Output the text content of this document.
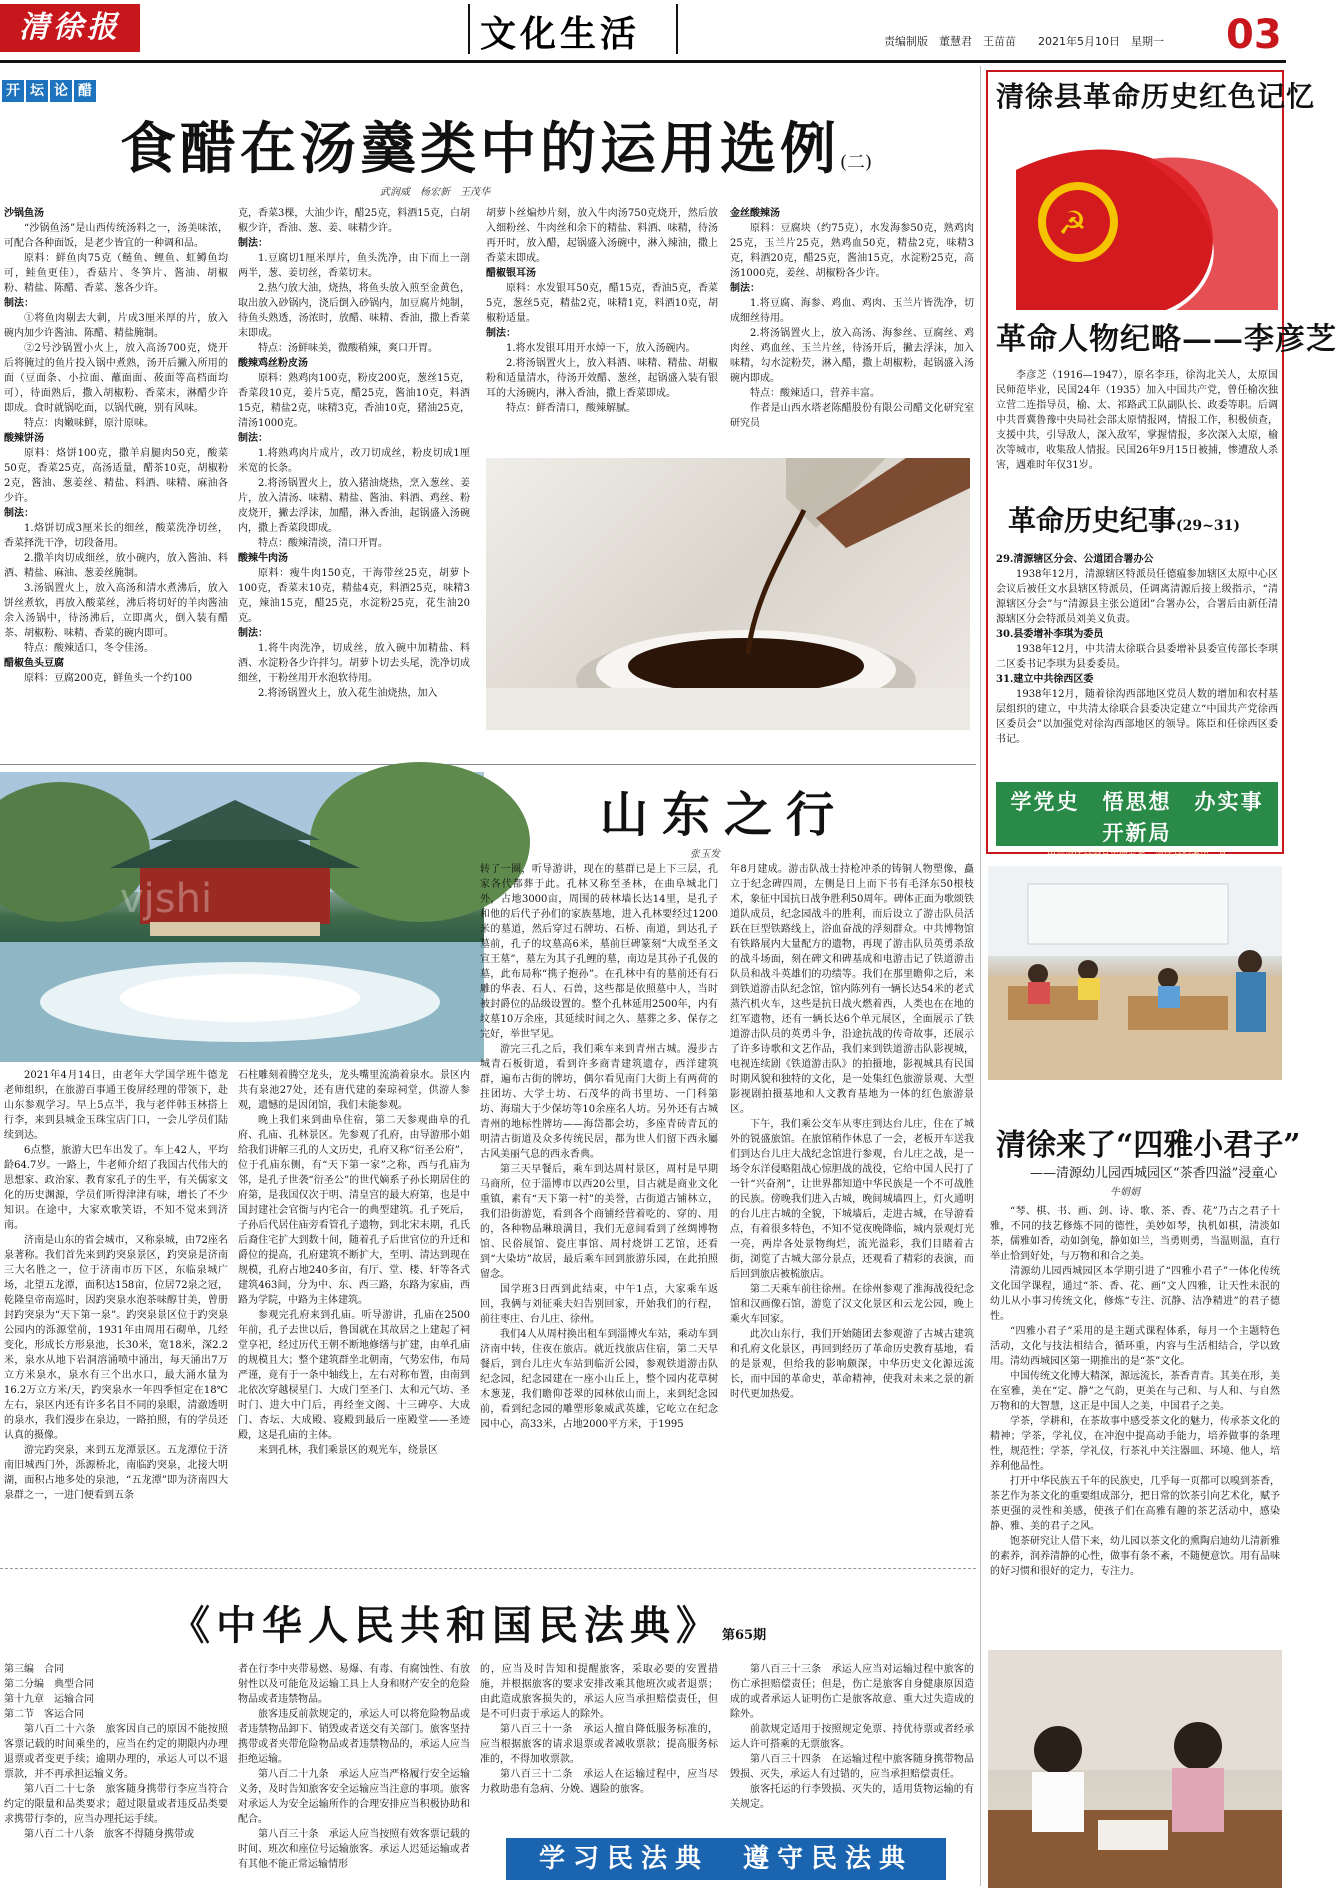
清徐报	文化生活	责编制版　董慧君　王苗苗　　 2021年5月10日　星期一 03
开 坛 论 醋
食醋在汤羹类中的运用选例(二)
武润威　杨宏新　王茂华

沙锅鱼汤

“沙锅鱼汤”是山西传统汤料之一，汤美味浓，可配合各种面饭，是老少皆宜的一种调和品。

原料：鲜鱼肉75克（鲢鱼、鲤鱼、虹鳟鱼均可，鲑鱼更佳），香菇片、冬笋片、酱油、胡椒粉、精盐、陈醋、香菜、葱各少许。

制法：

①将鱼肉剔去大刺，片成3厘米厚的片，放入碗内加少许酱油、陈醋、精盐腌制。

②2号沙锅置小火上，放入高汤700克，烧开后将腌过的鱼片投入锅中煮熟，汤开后撇入所用的面（豆面条、小拉面、蘸面面、莜面等高档面均可），待面熟后，撒入胡椒粉、香菜末，淋醋少许即成。食时就锅吃面，以锅代碗，别有风味。

特点：肉嫩味鲜，原汁原味。

酸辣饼汤

原料：烙饼100克，撒羊肩腿肉50克，酸菜50克，香菜25克，高汤适量，醋茶10克，胡椒粉2克，酱油、葱姜丝、精盐、料酒、味精、麻油各少许。

制法：

1.烙饼切成3厘米长的细丝，酸菜洗净切丝，香菜择洗干净，切段备用。

2.撒羊肉切成细丝，放小碗内，放入酱油、料酒、精盐、麻油、葱姜丝腌制。

3.汤锅置火上，放入高汤和清水煮沸后，放入饼丝煮软，再放入酸菜丝，沸后将切好的羊肉酱油余入汤锅中，待汤沸后，立即离火，倒入装有醋茶、胡椒粉、味精、香菜的碗内即可。

特点：酸辣适口，冬令佳汤。

醋椒鱼头豆腐

原料：豆腐200克，鲜鱼头一个约100

克，香菜3棵，大油少许，醋25克，料酒15克，白胡椒少许，香油、葱、姜、味精少许。

制法：

1.豆腐切1厘米厚片，鱼头洗净，由下而上一剖两半，葱、姜切丝，香菜切末。

2.热勺放大油，烧热，将鱼头放入煎至金黄色，取出放入砂锅内，浇后倒入砂锅内，加豆腐片炖制，待鱼头熟透，汤浓时，放醋、味精、香油，撒上香菜末即成。

特点：汤鲜味美，微酸稍辣，爽口开胃。

酸辣鸡丝粉皮汤

原料：熟鸡肉100克，粉皮200克，葱丝15克，香菜段10克，姜片5克，醋25克，酱油10克，料酒15克，精盐2克，味精3克，香油10克，猪油25克，清汤1000克。

制法：

1.将熟鸡肉片成片，改刀切成丝，粉皮切成1厘米宽的长条。

2.将汤锅置火上，放入猪油烧热，烹入葱丝、姜片，放入清汤、味精、精盐、酱油、料酒、鸡丝、粉皮烧开，撇去浮沫，加醋，淋入香油，起锅盛入汤碗内，撒上香菜段即成。

特点：酸辣清淡，清口开胃。

酸辣牛肉汤

原料：瘦牛肉150克，干海带丝25克，胡萝卜100克，香菜末10克，精盐4克，料酒25克，味精3克，辣油15克，醋25克，水淀粉25克，花生油20克。

制法：

1.将牛肉洗净，切成丝，放入碗中加精盐、料酒、水淀粉各少许拌匀。胡萝卜切去头尾，洗净切成细丝，干粉丝用开水泡软待用。

2.将汤锅置火上，放入花生油烧热，加入

胡萝卜丝煸炒片刻，放入牛肉汤750克烧开，然后放入细粉丝、牛肉丝和余下的精盐、料酒、味精，待汤再开时，放入醋，起锅盛入汤碗中，淋入辣油，撒上香菜末即成。

醋椒银耳汤

原料：水发银耳50克，醋15克，香油5克，香菜5克，葱丝5克，精盐2克，味精1克，料酒10克，胡椒粉适量。

制法：

1.将水发银耳用开水焯一下，放入汤碗内。

2.将汤锅置火上，放入料酒、味精、精盐、胡椒粉和适量清水，待汤开效醋、葱丝，起锅盛入装有银耳的大汤碗内，淋入香油，撒上香菜即成。

特点：鲜香清口，酸辣解腻。

金丝酸辣汤

原料：豆腐块（约75克），水发海参50克，熟鸡肉25克，玉兰片25克，熟鸡血50克，精盐2克，味精3克，料酒20克，醋25克，酱油15克，水淀粉25克，高汤1000克，姜丝、胡椒粉各少许。

制法：

1.将豆腐、海参、鸡血、鸡肉、玉兰片皆洗净，切成细丝待用。

2.将汤锅置火上，放入高汤、海参丝、豆腐丝、鸡肉丝、鸡血丝、玉兰片丝，待汤开后，撇去浮沫，加入味精，勾水淀粉芡，淋入醋，撒上胡椒粉，起锅盛入汤碗内即成。

特点：酸辣适口，营养丰富。

作者是山西水塔老陈醋股份有限公司醋文化研究室研究员

vjshi
山东之行
张玉发

2021年4月14日，由老年大学国学班牛德龙老师组织，在旅游百事通王俊屏经理的带领下，赴山东参观学习。早上5点半，我与老伴韩玉林搭上行李，来到县城金玉珠宝店门口，一会儿学员们陆续到达。

6点整，旅游大巴车出发了。车上42人，平均龄64.7岁。一路上，牛老师介绍了我国古代伟大的思想家、政治家、教育家孔子的生平，有关儒家文化的历史渊源，学员们听得津津有味，增长了不少知识。在途中，大家欢歌笑语，不知不觉来到济南。

济南是山东的省会城市，又称泉城，由72座名泉著称。我们首先来到趵突泉景区，趵突泉是济南三大名胜之一，位于济南市历下区，东临泉城广场，北望五龙潭，面积达158亩，位居72泉之冠，乾隆皇帝南巡时，因趵突泉水泡茶味醇甘美，曾册封趵突泉为“天下第一泉”。趵突泉景区位于趵突泉公园内的泺源堂前，1931年由周用石砌单，几经变化，形成长方形泉池，长30米，宽18米，深2.2米，泉水从地下岩洞溶涌喷中涌出，每天涌出7万立方米泉水，泉水有三个出水口，最大涌水量为16.2万立方米/天，趵突泉水一年四季恒定在18℃左右，泉区内还有许多名目不同的泉眼，清澈透明的泉水，我们漫步在泉边，一路拍照，有的学员还认真的摄像。

游完趵突泉，来到五龙潭景区。五龙潭位于济南旧城西门外，泺源桥北，南临趵突泉，北接大明湖，面积占地多处的泉池，“五龙潭”即为济南四大泉群之一，一进门便看到五条

石柱雕刻着腾空龙头，龙头嘴里流淌着泉水。景区内共有泉池27处，还有唐代建的秦琼祠堂，供游人参观，遗憾的是因闭馆，我们未能参观。

晚上我们来到曲阜住宿，第二天参观曲阜的孔府、孔庙、孔林景区。先参观了孔府，由导游邢小姐给我们讲解三孔的人文历史，孔府又称“衍圣公府”，位于孔庙东侧，有“天下第一家”之称，西与孔庙为邻，是孔子世袭“衍圣公”的世代嫡系子孙长期居住的府第，是我国仅次于明、清皇宫的最大府第，也是中国封建社会官衙与内宅合一的典型建筑。孔子死后，子孙后代居住庙旁看管孔子遗物，到北宋末期，孔氏后裔住宅扩大到数十间，随着孔子后世官位的升迁和爵位的提高，孔府建筑不断扩大，至明、清达到现在规模，孔府占地240多亩，有厅、堂、楼、轩等各式建筑463间，分为中、东、西三路，东路为家庙，西路为学院，中路为主体建筑。

参观完孔府来到孔庙。听导游讲，孔庙在2500年前，孔子去世以后，鲁国就在其故居之上建起了祠堂享祀，经过历代王朝不断地修缮与扩建，由单孔庙的规模且大；整个建筑群坐北朝南，气势宏伟，布局严谨，竟有于一条中轴线上，左右对称布置，由南到北依次穿越棂星门、大成门至圣门、太和元气坊、圣时门、进大中门后，再经奎文阁、十三碑亭、大成门、杏坛、大成殿、寝殿到最后一座殿堂——圣迹殿，这是孔庙的主体。

来到孔林，我们乘景区的观光车，绕景区

转了一圈，听导游讲，现在的墓群已是上下三层，孔家各代都葬于此。孔林又称至圣林，在曲阜城北门外，占地3000亩，周围的砖林墙长达14里，是孔子和他的后代子孙们的家族墓地，进入孔林要经过1200米的墓道，然后穿过石牌坊、石桥、南道，到达孔子墓前，孔子的坟墓高6米，墓前巨碑篆刻“大成至圣文宣王墓”，墓左为其子孔鲤的墓，南边是其孙子孔伋的墓，此布局称“携子抱孙”。在孔林中有的墓前还有石雕的华表、石人、石兽，这些都是依照墓中人，当时被封爵位的品级设置的。整个孔林延用2500年，内有坟墓10万余座，其延续时间之久、墓葬之多、保存之完好，举世罕见。

游完三孔之后，我们乘车来到青州古城。漫步古城青石板街道，看到许多商青建筑遗存，西洋建筑群，遍布古街的牌坊，偶尔看见南门大街上有两荷的拄团坊、大学士坊、石茂华的尚书里坊、一门科第坊、海瑞大于少保坊等10余座名人坊。另外还有古城青州的地标性牌坊——海岱都会坊，多座青砖青瓦的明清古街道及众多传统民居，都为世人们留下西永屬古风美丽气息的西永香典。

第三天早餐后，乘车到达周村景区，周村是早期马商所，位于淄博市以西20公里，目古就是商业文化重镇，素有“天下第一村”的美誉，古街道古铺林立，我们沿街游览，看到各个商铺经营着吃的、穿的、用的，各种物品琳琅满目，我们无意间看到了丝绸博物馆、民俗展馆、瓷庄事馆、周村烧饼工艺馆，还看到“大染坊”故居，最后乘车回到旅游乐园，在此拍照留念。

国学班3日西到此结束，中午1点，大家乘车返回，我俩与刘征乘夫妇告别回家，开始我们的行程，前往枣庄、台儿庄、徐州。

我们4人从周村换出租车到淄博火车站，乘动车到济南中转，住夜在旅店。就近找旅店住宿，第二天早餐后，到台儿庄火车站到临沂公园，参观铁道游击队纪念园，纪念园建在一座小山丘上，整个园内花草树木葱茏，我们瞻仰苍翠的园林依山而上，来到纪念园前，看到纪念园的雕塑形象威武英雄，它屹立在纪念园中心，高33米，占地2000平方米，于1995

年8月建成。游击队战士持枪冲杀的铸铜人物塑像，矗立于纪念碑四周，左侧是日上而下书有毛泽东50根枝术，象征中国抗日战争胜利50周年。碑体正面为歌颂铁道队成员，纪念园战斗的胜利，而后设立了游击队员活跃在巨型铁路线上，浴血奋战的浮刻群众。中共博物馆有铁路展内大量配方的遗物，再现了游击队员英勇杀敌的战斗场面，刻在碑文和碑基成和电游击记了铁道游击队员和战斗英雄们的功绩等。我们在那里瞻仰之后，来到铁道游击队纪念馆，馆内陈列有一辆长达54米的老式蒸汽机火车，这些是抗日战火燃着西，人类也在在地的红军遗物，还有一辆长达6个单元展区，全面展示了铁道游击队员的英勇斗争，沿途抗战的传奇故事，还展示了许多诗歌和文艺作品，我们来到铁道游击队影视城，电视连续剧《铁道游击队》的拍摄地，影视城具有民国时期风貌和独特的文化，是一处集红色旅游景观、大型影视剧拍摄基地和人文教育基地为一体的红色旅游景区。

下午，我们乘公交车从枣庄到达台儿庄，住在了城外的锐盛旅馆。在旅馆稍作休息了一会，老板开车送我们到达台儿庄大战纪念馆进行参观，台儿庄之战，是一场令东洋侵略阻战心惊胆战的战役，它给中国人民打了一针“兴奋剂”，让世界都知道中华民族是一个不可战胜的民族。傍晚我们进入古城，晚间城墙四上，灯火通明的台儿庄古城的全貌，下城墙后，走进古城，在导游看点，有着很多特色，不知不觉夜晚降临，城内景观灯光一亮，两岸各处景物绚烂，流光溢彩，我们目睹着古街，浏览了古城大部分景点，还观看了精彩的表演，而后回到旅店被梳旅店。

第二天乘车前往徐州。在徐州参观了淮海战役纪念馆和汉画像石馆，游览了汉文化景区和云龙公园，晚上乘火车回家。

此次山东行，我们开始随团去参观游了古城古建筑和孔府文化景区，再回到经历了革命历史教育基地，看的是景观，但给我的影响颇深，中华历史文化源远流长，而中国的革命史，革命精神，使我对未来之景的新时代更加热爱。

《中华人民共和国民法典》第65期

第三编　合同

第二分编　典型合同

第十九章　运输合同

第二节　客运合同

第八百二十六条　旅客因自己的原因不能按照客票记载的时间乘坐的，应当在约定的期限内办理退票或者变更手续；逾期办理的，承运人可以不退票款，并不再承担运输义务。

第八百二十七条　旅客随身携带行李应当符合约定的限量和品类要求；超过限量或者违反品类要求携带行李的，应当办理托运手续。

第八百二十八条　旅客不得随身携带或

者在行李中夹带易燃、易爆、有毒、有腐蚀性、有放射性以及可能危及运输工具上人身和财产安全的危险物品或者违禁物品。

旅客违反前款规定的，承运人可以将危险物品或者违禁物品卸下、销毁或者送交有关部门。旅客坚持携带或者夹带危险物品或者违禁物品的，承运人应当拒绝运输。

第八百二十九条　承运人应当严格履行安全运输义务，及时告知旅客安全运输应当注意的事项。旅客对承运人为安全运输所作的合理安排应当积极协助和配合。

第八百三十条　承运人应当按照有效客票记载的时间、班次和座位号运输旅客。承运人迟延运输或者有其他不能正常运输情形

的，应当及时告知和提醒旅客，采取必要的安置措施，并根据旅客的要求安排改乘其他班次或者退票；由此造成旅客损失的，承运人应当承担赔偿责任，但是不可归责于承运人的除外。

第八百三十一条　承运人擅自降低服务标准的，应当根据旅客的请求退票或者减收票款；提高服务标准的，不得加收票款。

第八百三十二条　承运人在运输过程中，应当尽力救助患有急病、分娩、遇险的旅客。

第八百三十三条　承运人应当对运输过程中旅客的伤亡承担赔偿责任；但是，伤亡是旅客自身健康原因造成的或者承运人证明伤亡是旅客故意、重大过失造成的除外。

前款规定适用于按照规定免票、持优待票或者经承运人许可搭乘的无票旅客。

第八百三十四条　在运输过程中旅客随身携带物品毁损、灭失，承运人有过错的，应当承担赔偿责任。

旅客托运的行李毁损、灭失的，适用货物运输的有关规定。

学习民法典　遵守民法典
清徐县革命历史红色记忆
☭
革命人物纪略——李彦芝

李彦芝（1916—1947），原名李珏，徐沟北关人，太原国民师范毕业，民国24年（1935）加入中国共产党，曾任榆次独立营二连指导员，榆、太、祁路武工队副队长、政委等职。后调中共晋冀鲁豫中央局社会部太原情报网，情报工作，积极侦查，支援中共，引导敌人，深入敌军，掌握情报，多次深入太原，榆次等城市，收集敌人情报。民国26年9月15日被捕，惨遭敌人杀害，遇难时年仅31岁。

革命历史纪事(29~31)

29.清源辖区分会、公道团合署办公

1938年12月，清源辖区特派员任德瘟参加辖区太原中心区会议后被任文水县辖区特派员，任调离清源后接上级指示，“清源辖区分会”与“清源县主张公道团”合署办公，合署后由新任清源辖区分会特派员刘美义负责。

30.县委增补李琪为委员

1938年12月，中共清太徐联合县委增补县委宣传部长李琪二区委书记李琪为县委委员。

31.建立中共徐西区委

1938年12月，随着徐沟西部地区党员人数的增加和农村基层组织的建立，中共清太徐联合县委决定建立“中国共产党徐西区委员会”以加强党对徐沟西部地区的领导。陈臣和任徐西区委书记。

学党史　悟思想　办实事　开新局
中共清徐县委党史研究室　清徐县档案馆　宣
清徐来了“四雅小君子”
——清源幼儿园西城园区“茶香四溢”浸童心
牛娟娟

“琴、棋、书、画、剑、诗、歌、茶、香、花”乃古之君子十雅，不同的技艺修炼不同的德性，美妙如琴，执机如棋，清淡如茶，儒雅如香，动如剑兔，静如如兰，当勇则勇，当温则温，直行举止恰到好处，与万物和和合之美。

清源幼儿园西城园区本学期引进了“四雅小君子”一体化传统文化国学课程，通过“茶、香、花、画”文人四雅，让天性未泯的幼儿从小事习传统文化，修炼“专注、沉静、洁净精进”的君子德性。

“四雅小君子”采用的是主题式课程体系，每月一个主题特色活动，文化与技法相结合，循环重，内容与生活相结合，学以致用。清幼西城园区第一期推出的是“茶”文化。

中国传统文化博大精深，源远流长，茶香青青。其美在形，美在室雅，美在“定、静”之气韵，更美在与己和、与人和、与自然万物和的大智慧，这正是中国人之美，中国君子之美。

学茶，学耕和，在茶故事中感受茶文化的魅力，传承茶文化的精神；学茶，学礼仪，在冲泡中提高动手能力，培养做事的条理性，规范性；学茶，学礼仪，行茶礼中关注器皿、环境、他人，培养利他品性。

打开中华民族五千年的民族史，几乎每一页都可以嗅到茶香，茶艺作为茶文化的重要组成部分，把日常的饮茶引向艺术化，赋予茶更强的灵性和美感，使孩子们在高雅有趣的茶艺活动中，感染静、雅、美的君子之风。

饱茶研究让人借下来，幼儿园以茶文化的熏陶启迪幼儿清新雅的素养，润养清静的心性，做事有条不紊，不随便意饮。用有品味的好习惯和很好的定力，专注力。
